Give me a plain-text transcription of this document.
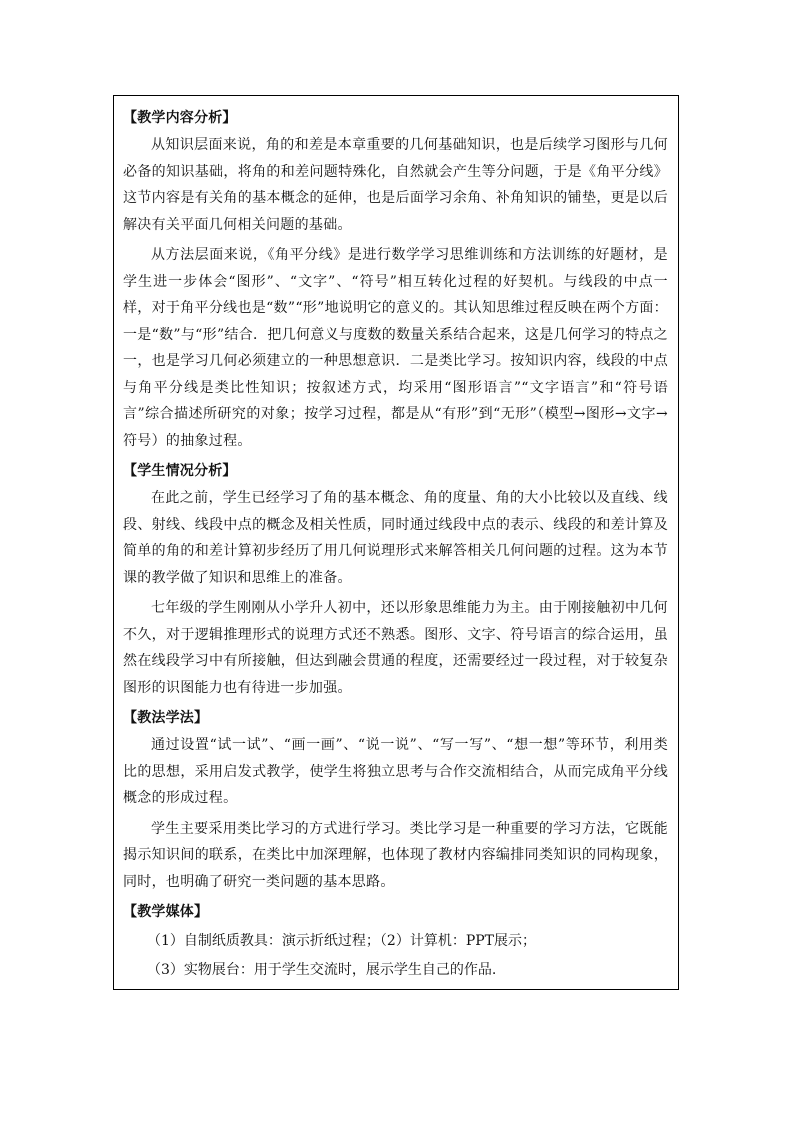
【教学内容分析】

从知识层面来说，角的和差是本章重要的几何基础知识，也是后续学习图形与几何必备的知识基础，将角的和差问题特殊化，自然就会产生等分问题，于是《角平分线》这节内容是有关角的基本概念的延伸，也是后面学习余角、补角知识的铺垫，更是以后解决有关平面几何相关问题的基础。

从方法层面来说，《角平分线》是进行数学学习思维训练和方法训练的好题材，是学生进一步体会“图形”、“文字”、“符号”相互转化过程的好契机。与线段的中点一样，对于角平分线也是“数”“形”地说明它的意义的。其认知思维过程反映在两个方面：一是“数”与“形”结合．把几何意义与度数的数量关系结合起来，这是几何学习的特点之一，也是学习几何必须建立的一种思想意识．二是类比学习。按知识内容，线段的中点与角平分线是类比性知识；按叙述方式，均采用“图形语言”“文字语言”和“符号语言”综合描述所研究的对象；按学习过程，都是从“有形”到“无形”（模型→图形→文字→符号）的抽象过程。

【学生情况分析】

在此之前，学生已经学习了角的基本概念、角的度量、角的大小比较以及直线、线段、射线、线段中点的概念及相关性质，同时通过线段中点的表示、线段的和差计算及简单的角的和差计算初步经历了用几何说理形式来解答相关几何问题的过程。这为本节课的教学做了知识和思维上的准备。

七年级的学生刚刚从小学升人初中，还以形象思维能力为主。由于刚接触初中几何不久，对于逻辑推理形式的说理方式还不熟悉。图形、文字、符号语言的综合运用，虽然在线段学习中有所接触，但达到融会贯通的程度，还需要经过一段过程，对于较复杂图形的识图能力也有待进一步加强。

【教法学法】

通过设置“试一试”、“画一画”、“说一说”、“写一写”、“想一想”等环节，利用类比的思想，采用启发式教学，使学生将独立思考与合作交流相结合，从而完成角平分线概念的形成过程。

学生主要采用类比学习的方式进行学习。类比学习是一种重要的学习方法，它既能揭示知识间的联系，在类比中加深理解，也体现了教材内容编排同类知识的同构现象，同时，也明确了研究一类问题的基本思路。

【教学媒体】
（1）自制纸质教具：演示折纸过程；（2）计算机：PPT展示；
（3）实物展台：用于学生交流时，展示学生自己的作品.
